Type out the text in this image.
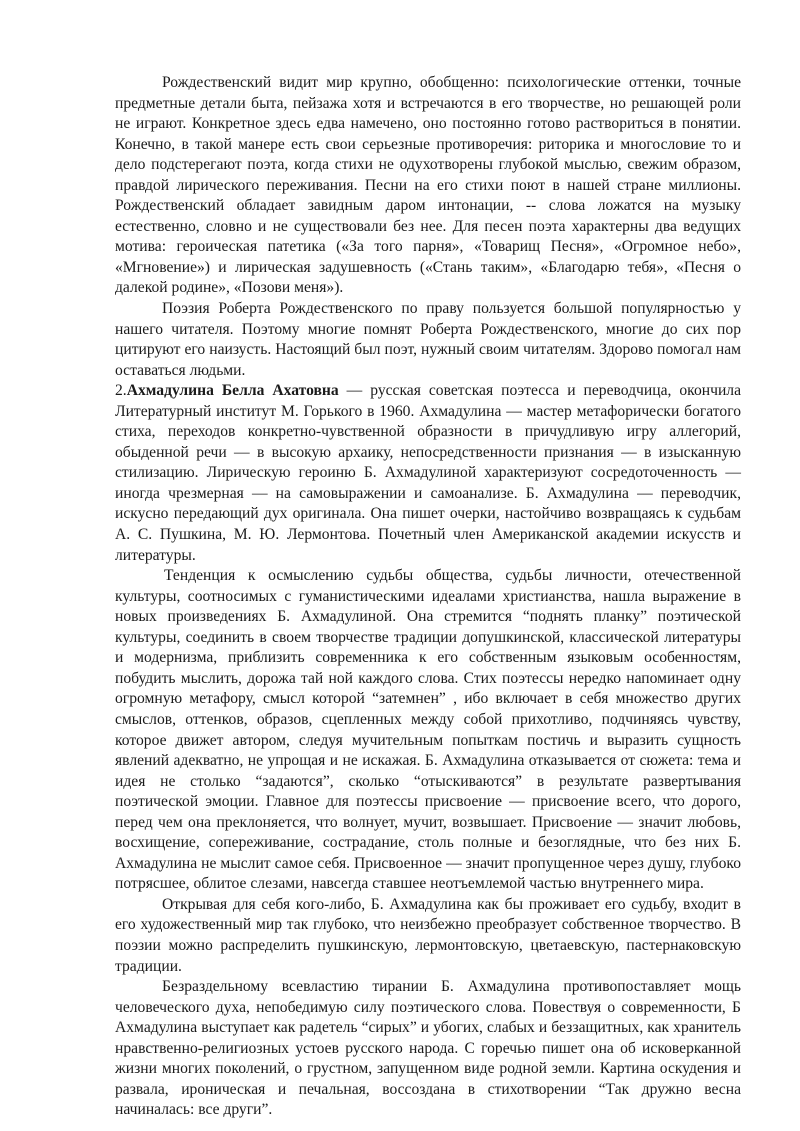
Рождественский видит мир крупно, обобщенно: психологические оттенки, точные предметные детали быта, пейзажа хотя и встречаются в его творчестве, но решающей роли не играют. Конкретное здесь едва намечено, оно постоянно готово раствориться в понятии. Конечно, в такой манере есть свои серьезные противоречия: риторика и многословие то и дело подстерегают поэта, когда стихи не одухотворены глубокой мыслью, свежим образом, правдой лирического переживания. Песни на его стихи поют в нашей стране миллионы. Рождественский обладает завидным даром интонации, -- слова ложатся на музыку естественно, словно и не существовали без нее. Для песен поэта характерны два ведущих мотива: героическая патетика («За того парня», «Товарищ Песня», «Огромное небо», «Мгновение») и лирическая задушевность («Стань таким», «Благодарю тебя», «Песня о далекой родине», «Позови меня»).

Поэзия Роберта Рождественского по праву пользуется большой популярностью у нашего читателя. Поэтому многие помнят Роберта Рождественского, многие до сих пор цитируют его наизусть. Настоящий был поэт, нужный своим читателям. Здорово помогал нам оставаться людьми.

2.Ахмадулина Белла Ахатовна — русская советская поэтесса и переводчица, окончила Литературный институт М. Горького в 1960. Ахмадулина — мастер метафорически богатого стиха, переходов конкретно-чувственной образности в причудливую игру аллегорий, обыденной речи — в высокую архаику, непосредственности признания — в изысканную стилизацию. Лирическую героиню Б. Ахмадулиной характеризуют сосредоточенность — иногда чрезмерная — на самовыражении и самоанализе. Б. Ахмадулина — переводчик, искусно передающий дух оригинала. Она пишет очерки, настойчиво возвращаясь к судьбам А. С. Пушкина, М. Ю. Лермонтова. Почетный член Американской академии искусств и литературы.

Тенденция к осмыслению судьбы общества, судьбы личности, отечественной культуры, соотносимых с гуманистическими идеалами христианства, нашла выражение в новых произведениях Б. Ахмадулиной. Она стремится “поднять планку” поэтической культуры, соединить в своем творчестве традиции допушкинской, классической литературы и модернизма, приблизить современника к его собственным языковым особенностям, побудить мыслить, дорожа тай ной каждого слова. Стих поэтессы нередко напоминает одну огромную метафору, смысл которой “затемнен” , ибо включает в себя множество других смыслов, оттенков, образов, сцепленных между собой прихотливо, подчиняясь чувству, которое движет автором, следуя мучительным попыткам постичь и выразить сущность явлений адекватно, не упрощая и не искажая. Б. Ахмадулина отказывается от сюжета: тема и идея не столько “задаются”, сколько “отыскиваются” в результате развертывания поэтической эмоции. Главное для поэтессы присвоение — присвоение всего, что дорого, перед чем она преклоняется, что волнует, мучит, возвышает. Присвоение — значит любовь, восхищение, сопереживание, сострадание, столь полные и безоглядные, что без них Б. Ахмадулина не мыслит самое себя. Присвоенное — значит пропущенное через душу, глубоко потрясшее, облитое слезами, навсегда ставшее неотъемлемой частью внутреннего мира.

Открывая для себя кого-либо, Б. Ахмадулина как бы проживает его судьбу, входит в его художественный мир так глубоко, что неизбежно преобразует собственное творчество. В поэзии можно распределить пушкинскую, лермонтовскую, цветаевскую, пастернаковскую традиции.

Безраздельному всевластию тирании Б. Ахмадулина противопоставляет мощь человеческого духа, непобедимую силу поэтического слова. Повествуя о современности, Б Ахмадулина выступает как радетель “сирых” и убогих, слабых и беззащитных, как хранитель нравственно-религиозных устоев русского народа. С горечью пишет она об исковерканной жизни многих поколений, о грустном, запущенном виде родной земли. Картина оскудения и развала, ироническая и печальная, воссоздана в стихотворении “Так дружно весна начиналась: все други”.
